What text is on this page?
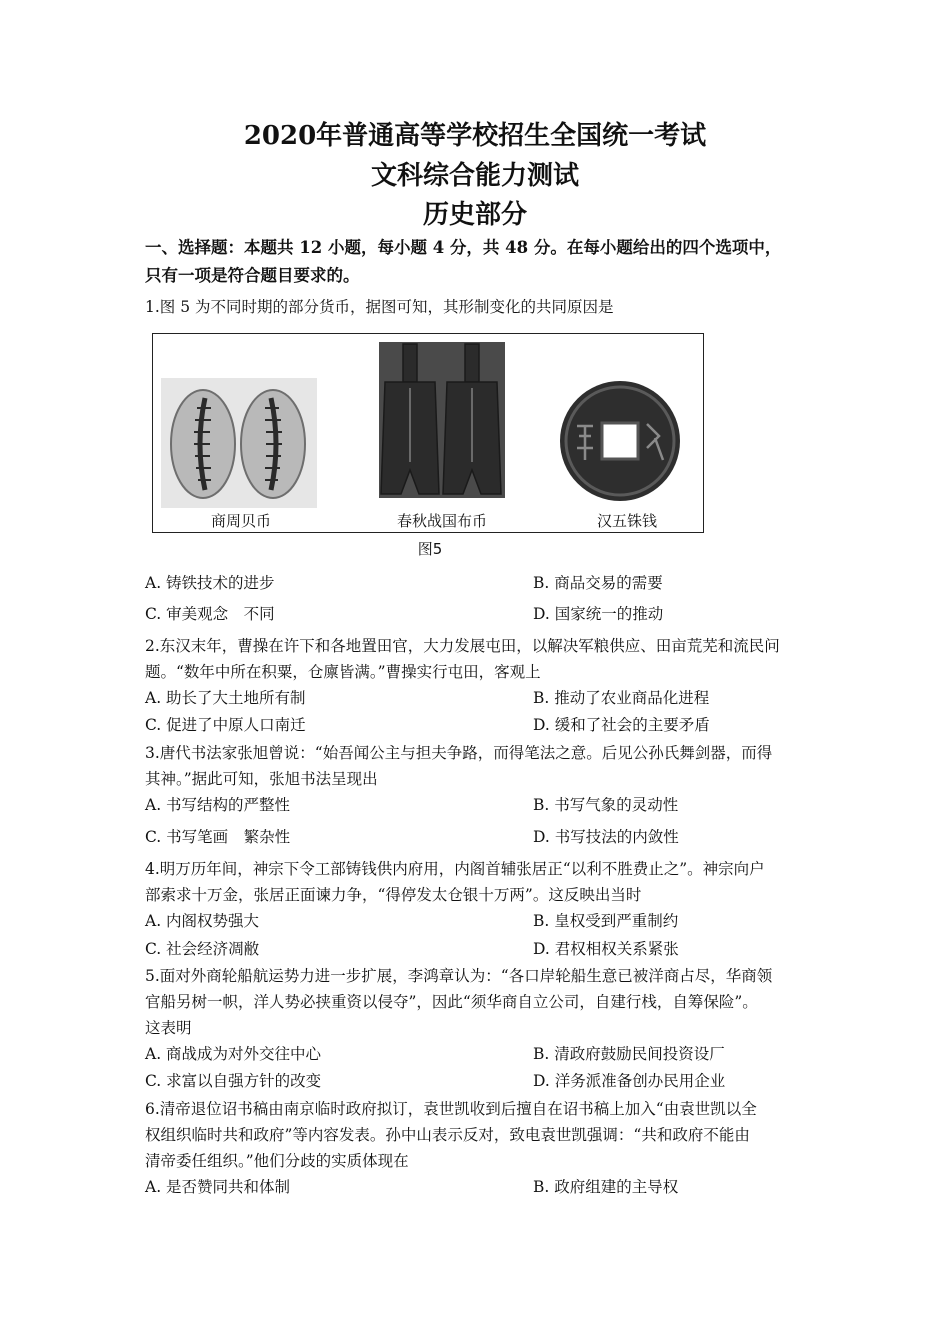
2020年普通高等学校招生全国统一考试
文科综合能力测试
历史部分
一、选择题：本题共 12 小题，每小题 4 分，共 48 分。在每小题给出的四个选项中，
只有一项是符合题目要求的。
1.图 5 为不同时期的部分货币，据图可知，其形制变化的共同原因是
商周贝币	春秋战国布币	汉五铢钱
图5
A. 铸铁技术的进步	B. 商品交易的需要
C. 审美观念　不同	D. 国家统一的推动
2.东汉末年，曹操在许下和各地置田官，大力发展屯田，以解决军粮供应、田亩荒芜和流民问
题。“数年中所在积粟，仓廪皆满。”曹操实行屯田，客观上
A. 助长了大土地所有制	B. 推动了农业商品化进程
C. 促进了中原人口南迁	D. 缓和了社会的主要矛盾
3.唐代书法家张旭曾说：“始吾闻公主与担夫争路，而得笔法之意。后见公孙氏舞剑器，而得
其神。”据此可知，张旭书法呈现出
A. 书写结构的严整性	B. 书写气象的灵动性
C. 书写笔画　繁杂性	D. 书写技法的内敛性
4.明万历年间，神宗下令工部铸钱供内府用，内阁首辅张居正“以利不胜费止之”。神宗向户
部索求十万金，张居正面谏力争，“得停发太仓银十万两”。这反映出当时
A. 内阁权势强大	B. 皇权受到严重制约
C. 社会经济凋敝	D. 君权相权关系紧张
5.面对外商轮船航运势力进一步扩展，李鸿章认为：“各口岸轮船生意已被洋商占尽，华商领
官船另树一帜，洋人势必挟重资以侵夺”，因此“须华商自立公司，自建行栈，自筹保险”。
这表明
A. 商战成为对外交往中心	B. 清政府鼓励民间投资设厂
C. 求富以自强方针的改变	D. 洋务派准备创办民用企业
6.清帝退位诏书稿由南京临时政府拟订，袁世凯收到后擅自在诏书稿上加入“由袁世凯以全
权组织临时共和政府”等内容发表。孙中山表示反对，致电袁世凯强调：“共和政府不能由
清帝委任组织。”他们分歧的实质体现在
A. 是否赞同共和体制	B. 政府组建的主导权
